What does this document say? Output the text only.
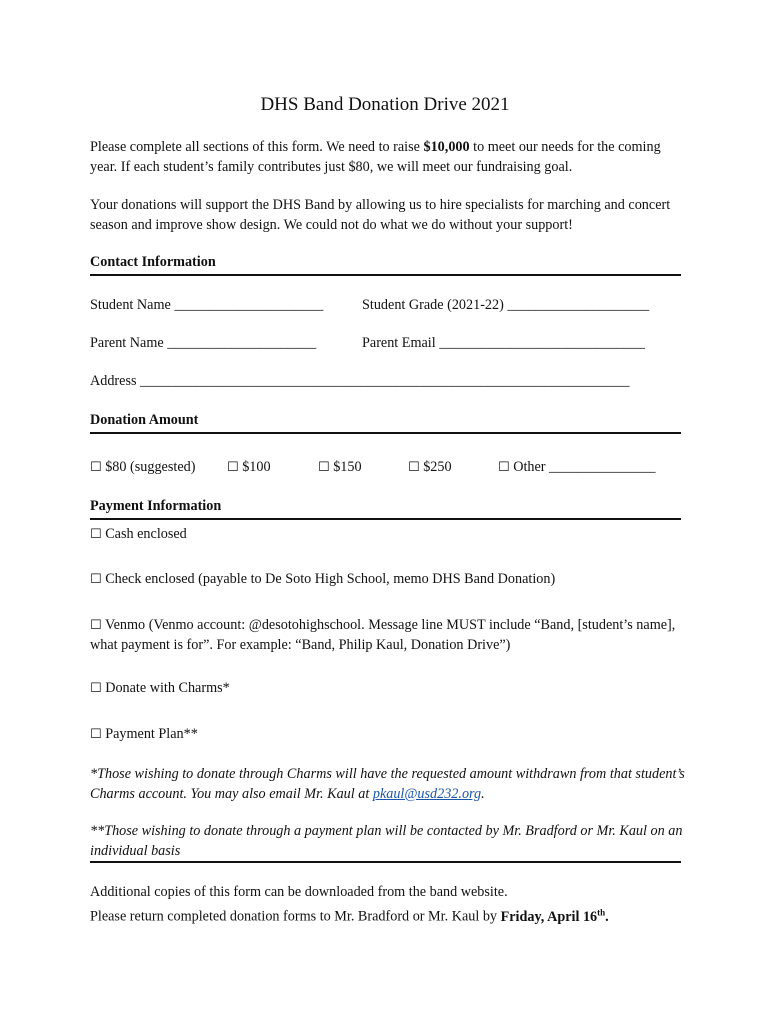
DHS Band Donation Drive 2021
Please complete all sections of this form. We need to raise $10,000 to meet our needs for the coming year. If each student’s family contributes just $80, we will meet our fundraising goal.
Your donations will support the DHS Band by allowing us to hire specialists for marching and concert season and improve show design. We could not do what we do without your support!
Contact Information
Student Name _____________________	Student Grade (2021-22) ____________________
Parent Name _____________________	Parent Email _____________________________
Address _____________________________________________________________________
Donation Amount
☐ $80 (suggested) ☐ $100	☐ $150	☐ $250	☐ Other _______________
Payment Information
☐ Cash enclosed
☐ Check enclosed (payable to De Soto High School, memo DHS Band Donation)
☐ Venmo (Venmo account: @desotohighschool. Message line MUST include “Band, [student’s name], what payment is for”. For example: “Band, Philip Kaul, Donation Drive”)
☐ Donate with Charms*
☐ Payment Plan**
*Those wishing to donate through Charms will have the requested amount withdrawn from that student’s Charms account. You may also email Mr. Kaul at pkaul@usd232.org.
**Those wishing to donate through a payment plan will be contacted by Mr. Bradford or Mr. Kaul on an individual basis
Additional copies of this form can be downloaded from the band website.
Please return completed donation forms to Mr. Bradford or Mr. Kaul by Friday, April 16th.
